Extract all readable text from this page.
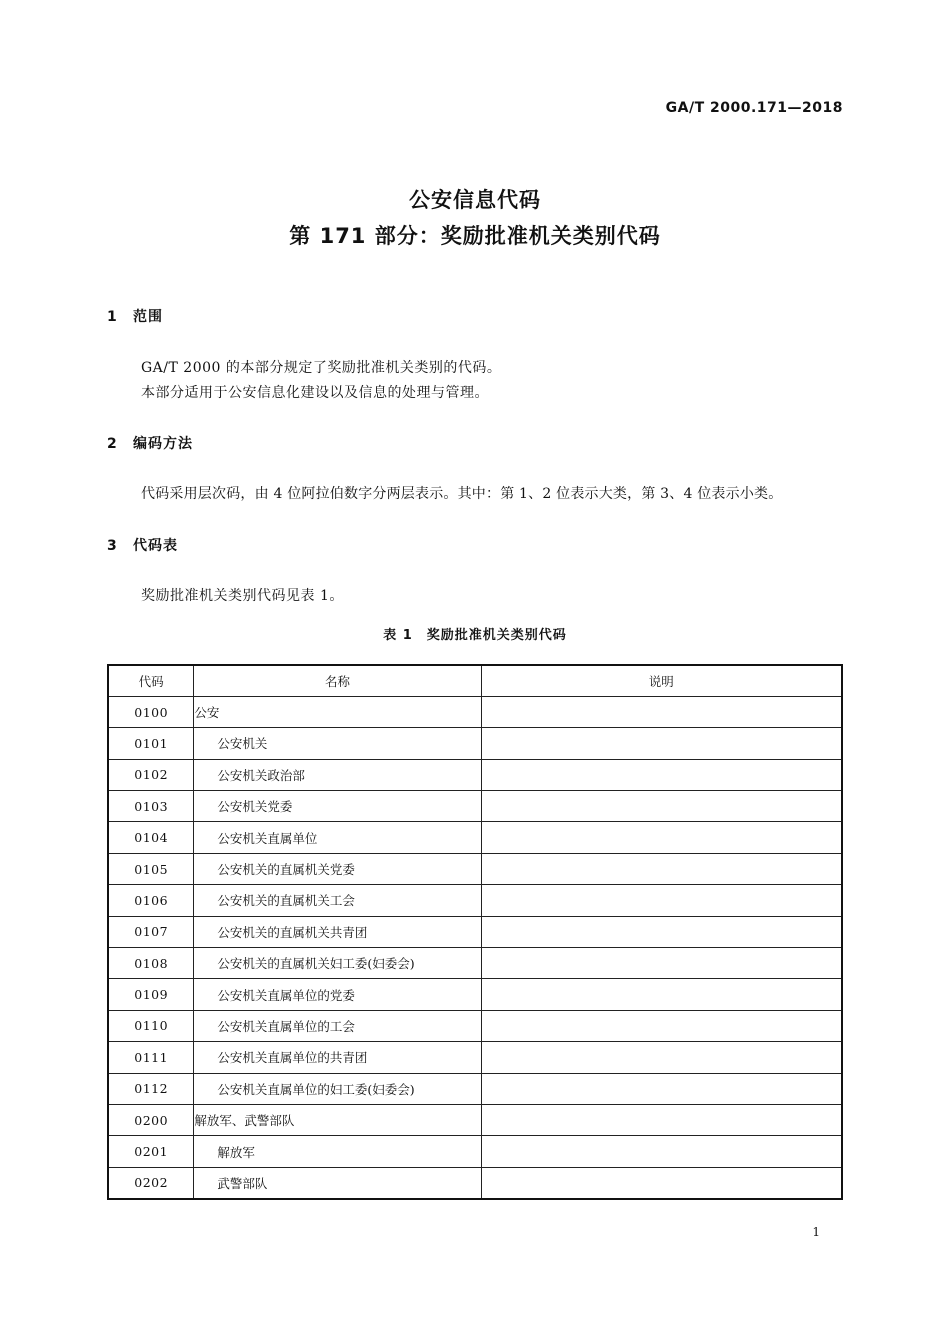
GA/T 2000.171—2018
公安信息代码
第 171 部分：奖励批准机关类别代码
1 范围
GA/T 2000 的本部分规定了奖励批准机关类别的代码。
本部分适用于公安信息化建设以及信息的处理与管理。
2 编码方法
代码采用层次码，由 4 位阿拉伯数字分两层表示。其中：第 1、2 位表示大类，第 3、4 位表示小类。
3 代码表
奖励批准机关类别代码见表 1。
表 1 奖励批准机关类别代码
代码	名称	说明
0100	公安	
0101	公安机关	
0102	公安机关政治部	
0103	公安机关党委	
0104	公安机关直属单位	
0105	公安机关的直属机关党委	
0106	公安机关的直属机关工会	
0107	公安机关的直属机关共青团	
0108	公安机关的直属机关妇工委(妇委会)	
0109	公安机关直属单位的党委	
0110	公安机关直属单位的工会	
0111	公安机关直属单位的共青团	
0112	公安机关直属单位的妇工委(妇委会)	
0200	解放军、武警部队	
0201	解放军	
0202	武警部队	
1
